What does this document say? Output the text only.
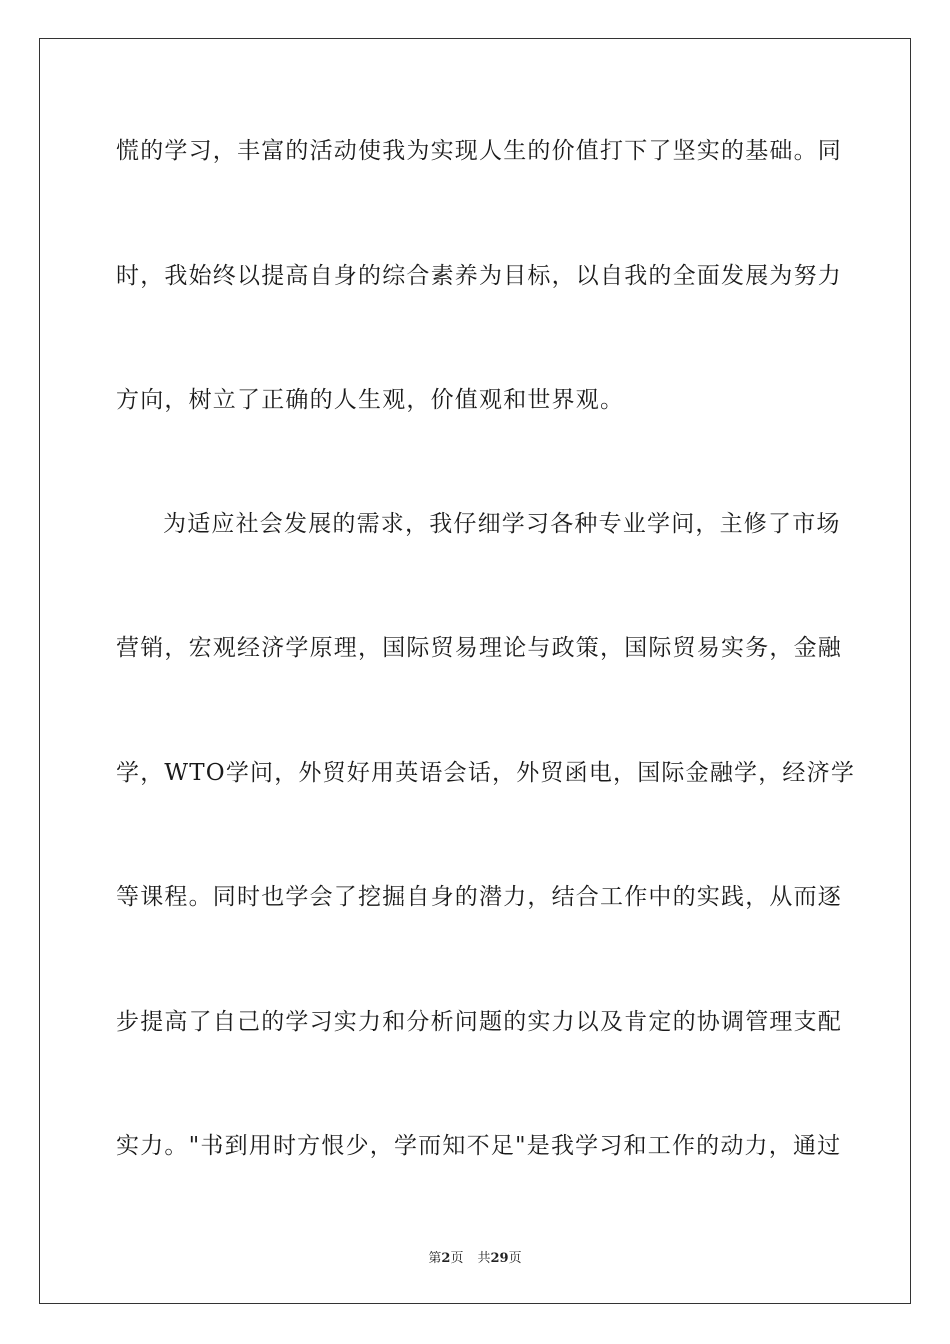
慌的学习，丰富的活动使我为实现人生的价值打下了坚实的基础。同
时，我始终以提高自身的综合素养为目标，以自我的全面发展为努力
方向，树立了正确的人生观，价值观和世界观。
为适应社会发展的需求，我仔细学习各种专业学问，主修了市场
营销，宏观经济学原理，国际贸易理论与政策，国际贸易实务，金融
学，WTO学问，外贸好用英语会话，外贸函电，国际金融学，经济学
等课程。同时也学会了挖掘自身的潜力，结合工作中的实践，从而逐
步提高了自己的学习实力和分析问题的实力以及肯定的协调管理支配
实力。"书到用时方恨少，学而知不足"是我学习和工作的动力，通过
第2页 共29页
